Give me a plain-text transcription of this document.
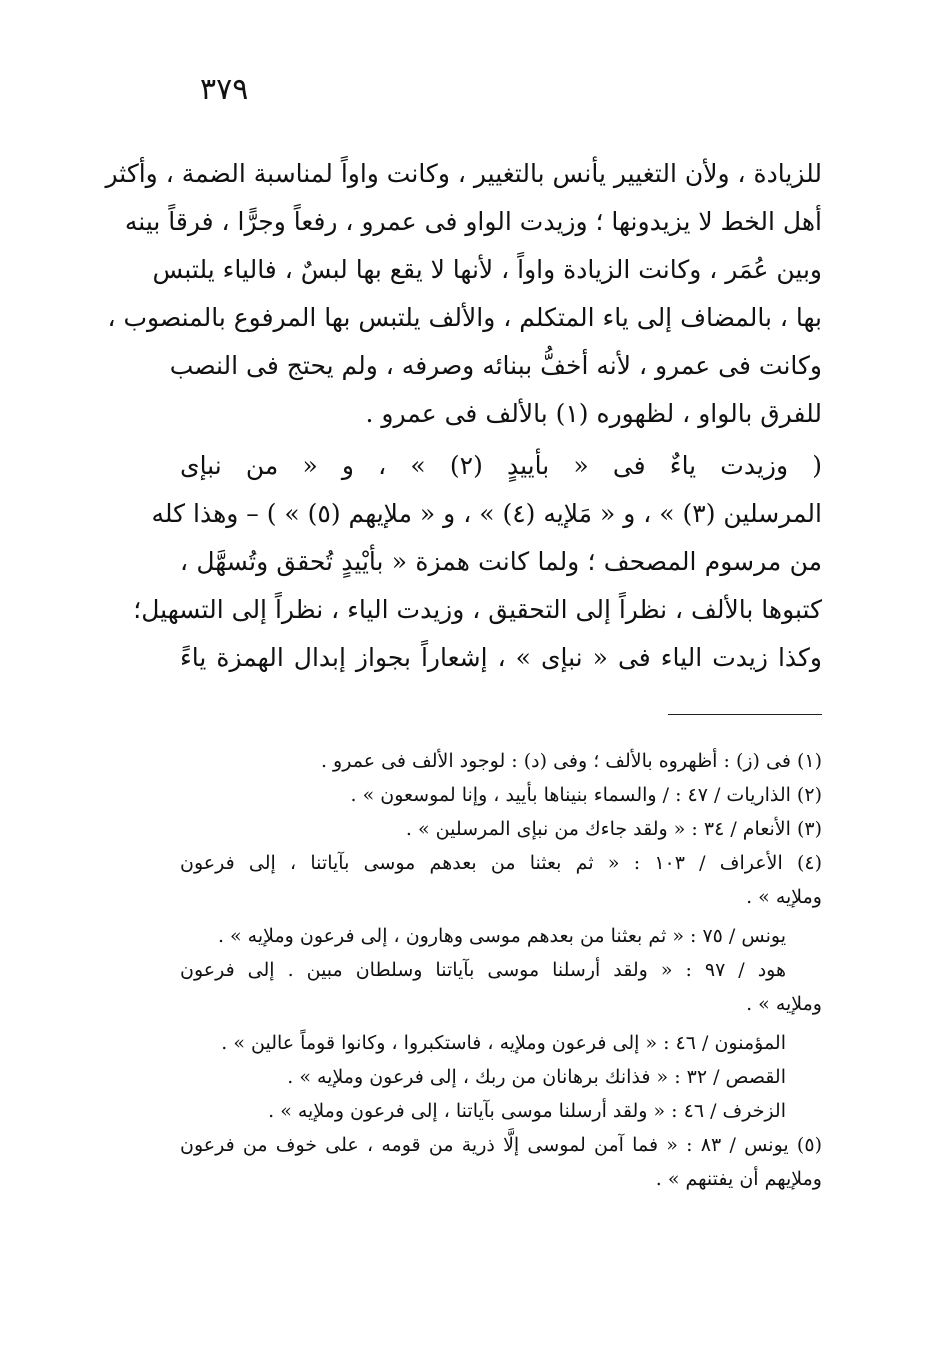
٣٧٩
للزيادة ، ولأن التغيير يأنس بالتغيير ، وكانت واواً لمناسبة الضمة ، وأكثر
أهل الخط لا يزيدونها ؛ وزيدت الواو فى عمرو ، رفعاً وجرًّا ، فرقاً بينه
وبين عُمَر ، وكانت الزيادة واواً ، لأنها لا يقع بها لبسٌ ، فالياء يلتبس
بها ، بالمضاف إلى ياء المتكلم ، والألف يلتبس بها المرفوع بالمنصوب ،
وكانت فى عمرو ، لأنه أخفُّ ببنائه وصرفه ، ولم يحتج فى النصب
للفرق بالواو ، لظهوره (١) بالألف فى عمرو .
( وزيدت ياءٌ فى « بأييدٍ (٢) » ، و « من نبإى
المرسلين (٣) » ، و « مَلإيه (٤) » ، و « ملإيهم (٥) » ) – وهذا كله
من مرسوم المصحف ؛ ولما كانت همزة « بأيْيدٍ تُحقق وتُسهَّل ،
كتبوها بالألف ، نظراً إلى التحقيق ، وزيدت الياء ، نظراً إلى التسهيل؛
وكذا زيدت الياء فى « نبإى » ، إشعاراً بجواز إبدال الهمزة ياءً
(١) فى (ز) : أظهروه بالألف ؛ وفى (د) : لوجود الألف فى عمرو .
(٢) الذاريات / ٤٧ : / والسماء بنيناها بأييد ، وإنا لموسعون » .
(٣) الأنعام / ٣٤ : « ولقد جاءك من نبإى المرسلين » .
(٤) الأعراف / ١٠٣ : « ثم بعثنا من بعدهم موسى بآياتنا ، إلى فرعون
وملإيه » .
يونس / ٧٥ : « ثم بعثنا من بعدهم موسى وهارون ، إلى فرعون وملإيه » .
هود / ٩٧ : « ولقد أرسلنا موسى بآياتنا وسلطان مبين . إلى فرعون
وملإيه » .
المؤمنون / ٤٦ : « إلى فرعون وملإيه ، فاستكبروا ، وكانوا قوماً عالين » .
القصص / ٣٢ : « فذانك برهانان من ربك ، إلى فرعون وملإيه » .
الزخرف / ٤٦ : « ولقد أرسلنا موسى بآياتنا ، إلى فرعون وملإيه » .
(٥) يونس / ٨٣ : « فما آمن لموسى إلَّا ذرية من قومه ، على خوف من فرعون
وملإيهم أن يفتنهم » .
